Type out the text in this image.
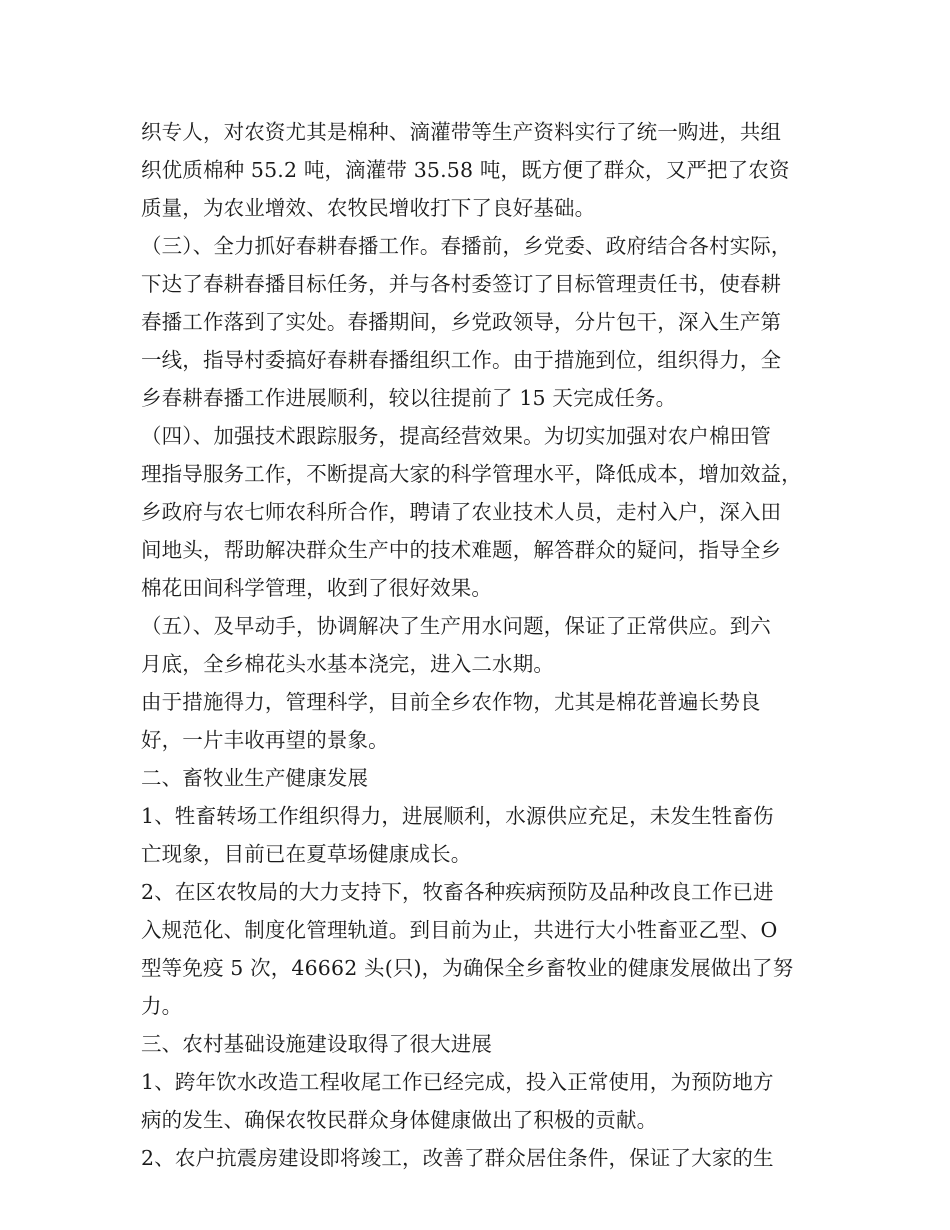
织专人，对农资尤其是棉种、滴灌带等生产资料实行了统一购进，共组
织优质棉种 55.2 吨，滴灌带 35.58 吨，既方便了群众，又严把了农资
质量，为农业增效、农牧民增收打下了良好基础。
（三）、全力抓好春耕春播工作。春播前，乡党委、政府结合各村实际，
下达了春耕春播目标任务，并与各村委签订了目标管理责任书，使春耕
春播工作落到了实处。春播期间，乡党政领导，分片包干，深入生产第
一线，指导村委搞好春耕春播组织工作。由于措施到位，组织得力，全
乡春耕春播工作进展顺利，较以往提前了 15 天完成任务。
（四）、加强技术跟踪服务，提高经营效果。为切实加强对农户棉田管
理指导服务工作，不断提高大家的科学管理水平，降低成本，增加效益，
乡政府与农七师农科所合作，聘请了农业技术人员，走村入户，深入田
间地头，帮助解决群众生产中的技术难题，解答群众的疑问，指导全乡
棉花田间科学管理，收到了很好效果。
（五）、及早动手，协调解决了生产用水问题，保证了正常供应。到六
月底，全乡棉花头水基本浇完，进入二水期。
由于措施得力，管理科学，目前全乡农作物，尤其是棉花普遍长势良
好，一片丰收再望的景象。
二、畜牧业生产健康发展
1、牲畜转场工作组织得力，进展顺利，水源供应充足，未发生牲畜伤
亡现象，目前已在夏草场健康成长。
2、在区农牧局的大力支持下，牧畜各种疾病预防及品种改良工作已进
入规范化、制度化管理轨道。到目前为止，共进行大小牲畜亚乙型、O
型等免疫 5 次，46662 头(只)，为确保全乡畜牧业的健康发展做出了努
力。
三、农村基础设施建设取得了很大进展
1、跨年饮水改造工程收尾工作已经完成，投入正常使用，为预防地方
病的发生、确保农牧民群众身体健康做出了积极的贡献。
2、农户抗震房建设即将竣工，改善了群众居住条件，保证了大家的生
